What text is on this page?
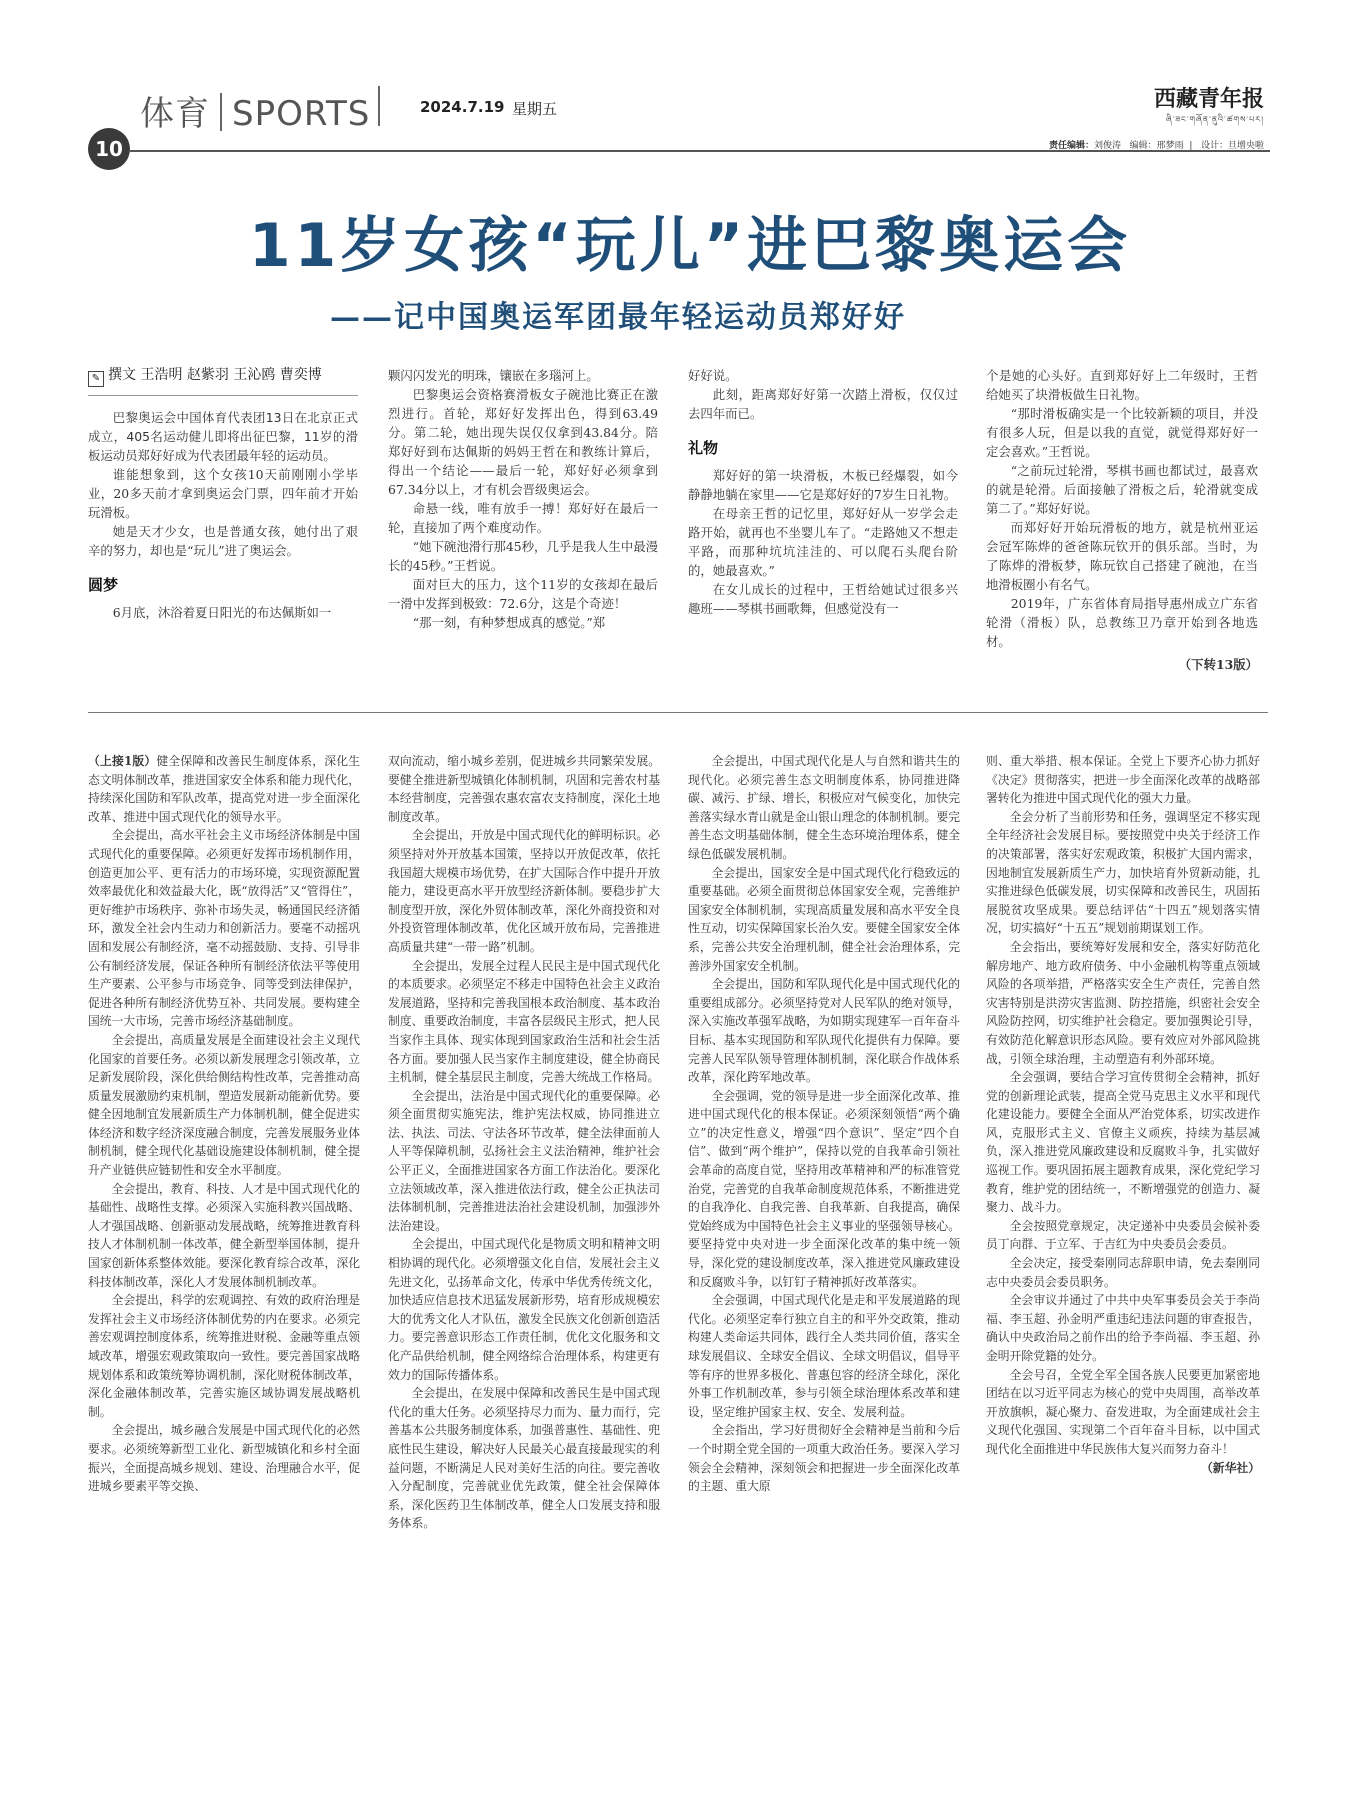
体育 SPORTS	2024.7.19 星期五	西藏青年报
ཞི་ཟང་གཞོན་ནུའི་ཚགས་པར།
10	责任编辑：刘俊涛 编辑：邢梦雨  |   设计：旦增央啦
11岁女孩“玩儿”进巴黎奥运会
——记中国奥运军团最年轻运动员郑好好
✎ 撰文 王浩明 赵紫羽 王沁鸥 曹奕博

巴黎奥运会中国体育代表团13日在北京正式成立，405名运动健儿即将出征巴黎，11岁的滑板运动员郑好好成为代表团最年轻的运动员。

谁能想象到，这个女孩10天前刚刚小学毕业，20多天前才拿到奥运会门票，四年前才开始玩滑板。

她是天才少女，也是普通女孩，她付出了艰辛的努力，却也是“玩儿”进了奥运会。

圆梦

6月底，沐浴着夏日阳光的布达佩斯如一

颗闪闪发光的明珠，镶嵌在多瑙河上。

巴黎奥运会资格赛滑板女子碗池比赛正在激烈进行。首轮，郑好好发挥出色，得到63.49分。第二轮，她出现失误仅仅拿到43.84分。陪郑好好到布达佩斯的妈妈王哲在和教练计算后，得出一个结论——最后一轮，郑好好必须拿到67.34分以上，才有机会晋级奥运会。

命悬一线，唯有放手一搏！郑好好在最后一轮，直接加了两个难度动作。

“她下碗池滑行那45秒，几乎是我人生中最漫长的45秒。”王哲说。

面对巨大的压力，这个11岁的女孩却在最后一滑中发挥到极致：72.6分，这是个奇迹！

“那一刻，有种梦想成真的感觉。”郑

好好说。

此刻，距离郑好好第一次踏上滑板，仅仅过去四年而已。

礼物

郑好好的第一块滑板，木板已经爆裂，如今静静地躺在家里——它是郑好好的7岁生日礼物。

在母亲王哲的记忆里，郑好好从一岁学会走路开始，就再也不坐婴儿车了。“走路她又不想走平路，而那种坑坑洼洼的、可以爬石头爬台阶的，她最喜欢。”

在女儿成长的过程中，王哲给她试过很多兴趣班——琴棋书画歌舞，但感觉没有一

个是她的心头好。直到郑好好上二年级时，王哲给她买了块滑板做生日礼物。

“那时滑板确实是一个比较新颖的项目，并没有很多人玩，但是以我的直觉，就觉得郑好好一定会喜欢。”王哲说。

“之前玩过轮滑，琴棋书画也都试过，最喜欢的就是轮滑。后面接触了滑板之后，轮滑就变成第二了。”郑好好说。

而郑好好开始玩滑板的地方，就是杭州亚运会冠军陈烨的爸爸陈玩钦开的俱乐部。当时，为了陈烨的滑板梦，陈玩钦自己搭建了碗池，在当地滑板圈小有名气。

2019年，广东省体育局指导惠州成立广东省轮滑（滑板）队，总教练卫乃章开始到各地选材。

（下转13版）

（上接1版）健全保障和改善民生制度体系，深化生态文明体制改革，推进国家安全体系和能力现代化，持续深化国防和军队改革，提高党对进一步全面深化改革、推进中国式现代化的领导水平。

全会提出，高水平社会主义市场经济体制是中国式现代化的重要保障。必须更好发挥市场机制作用，创造更加公平、更有活力的市场环境，实现资源配置效率最优化和效益最大化，既“放得活”又“管得住”，更好维护市场秩序、弥补市场失灵，畅通国民经济循环，激发全社会内生动力和创新活力。要毫不动摇巩固和发展公有制经济，毫不动摇鼓励、支持、引导非公有制经济发展，保证各种所有制经济依法平等使用生产要素、公平参与市场竞争、同等受到法律保护，促进各种所有制经济优势互补、共同发展。要构建全国统一大市场，完善市场经济基础制度。

全会提出，高质量发展是全面建设社会主义现代化国家的首要任务。必须以新发展理念引领改革，立足新发展阶段，深化供给侧结构性改革，完善推动高质量发展激励约束机制，塑造发展新动能新优势。要健全因地制宜发展新质生产力体制机制，健全促进实体经济和数字经济深度融合制度，完善发展服务业体制机制，健全现代化基础设施建设体制机制，健全提升产业链供应链韧性和安全水平制度。

全会提出，教育、科技、人才是中国式现代化的基础性、战略性支撑。必须深入实施科教兴国战略、人才强国战略、创新驱动发展战略，统筹推进教育科技人才体制机制一体改革，健全新型举国体制，提升国家创新体系整体效能。要深化教育综合改革，深化科技体制改革，深化人才发展体制机制改革。

全会提出，科学的宏观调控、有效的政府治理是发挥社会主义市场经济体制优势的内在要求。必须完善宏观调控制度体系，统筹推进财税、金融等重点领域改革，增强宏观政策取向一致性。要完善国家战略规划体系和政策统筹协调机制，深化财税体制改革，深化金融体制改革，完善实施区域协调发展战略机制。

全会提出，城乡融合发展是中国式现代化的必然要求。必须统筹新型工业化、新型城镇化和乡村全面振兴，全面提高城乡规划、建设、治理融合水平，促进城乡要素平等交换、

双向流动，缩小城乡差别，促进城乡共同繁荣发展。要健全推进新型城镇化体制机制，巩固和完善农村基本经营制度，完善强农惠农富农支持制度，深化土地制度改革。

全会提出，开放是中国式现代化的鲜明标识。必须坚持对外开放基本国策，坚持以开放促改革，依托我国超大规模市场优势，在扩大国际合作中提升开放能力，建设更高水平开放型经济新体制。要稳步扩大制度型开放，深化外贸体制改革，深化外商投资和对外投资管理体制改革，优化区域开放布局，完善推进高质量共建“一带一路”机制。

全会提出，发展全过程人民民主是中国式现代化的本质要求。必须坚定不移走中国特色社会主义政治发展道路，坚持和完善我国根本政治制度、基本政治制度、重要政治制度，丰富各层级民主形式，把人民当家作主具体、现实体现到国家政治生活和社会生活各方面。要加强人民当家作主制度建设，健全协商民主机制，健全基层民主制度，完善大统战工作格局。

全会提出，法治是中国式现代化的重要保障。必须全面贯彻实施宪法，维护宪法权威，协同推进立法、执法、司法、守法各环节改革，健全法律面前人人平等保障机制，弘扬社会主义法治精神，维护社会公平正义，全面推进国家各方面工作法治化。要深化立法领域改革，深入推进依法行政，健全公正执法司法体制机制，完善推进法治社会建设机制，加强涉外法治建设。

全会提出，中国式现代化是物质文明和精神文明相协调的现代化。必须增强文化自信，发展社会主义先进文化，弘扬革命文化，传承中华优秀传统文化，加快适应信息技术迅猛发展新形势，培育形成规模宏大的优秀文化人才队伍，激发全民族文化创新创造活力。要完善意识形态工作责任制，优化文化服务和文化产品供给机制，健全网络综合治理体系，构建更有效力的国际传播体系。

全会提出，在发展中保障和改善民生是中国式现代化的重大任务。必须坚持尽力而为、量力而行，完善基本公共服务制度体系，加强普惠性、基础性、兜底性民生建设，解决好人民最关心最直接最现实的利益问题，不断满足人民对美好生活的向往。要完善收入分配制度，完善就业优先政策，健全社会保障体系，深化医药卫生体制改革，健全人口发展支持和服务体系。

全会提出，中国式现代化是人与自然和谐共生的现代化。必须完善生态文明制度体系，协同推进降碳、减污、扩绿、增长，积极应对气候变化，加快完善落实绿水青山就是金山银山理念的体制机制。要完善生态文明基础体制，健全生态环境治理体系，健全绿色低碳发展机制。

全会提出，国家安全是中国式现代化行稳致远的重要基础。必须全面贯彻总体国家安全观，完善维护国家安全体制机制，实现高质量发展和高水平安全良性互动，切实保障国家长治久安。要健全国家安全体系，完善公共安全治理机制，健全社会治理体系，完善涉外国家安全机制。

全会提出，国防和军队现代化是中国式现代化的重要组成部分。必须坚持党对人民军队的绝对领导，深入实施改革强军战略，为如期实现建军一百年奋斗目标、基本实现国防和军队现代化提供有力保障。要完善人民军队领导管理体制机制，深化联合作战体系改革，深化跨军地改革。

全会强调，党的领导是进一步全面深化改革、推进中国式现代化的根本保证。必须深刻领悟“两个确立”的决定性意义，增强“四个意识”、坚定“四个自信”、做到“两个维护”，保持以党的自我革命引领社会革命的高度自觉，坚持用改革精神和严的标准管党治党，完善党的自我革命制度规范体系，不断推进党的自我净化、自我完善、自我革新、自我提高，确保党始终成为中国特色社会主义事业的坚强领导核心。要坚持党中央对进一步全面深化改革的集中统一领导，深化党的建设制度改革，深入推进党风廉政建设和反腐败斗争，以钉钉子精神抓好改革落实。

全会强调，中国式现代化是走和平发展道路的现代化。必须坚定奉行独立自主的和平外交政策，推动构建人类命运共同体，践行全人类共同价值，落实全球发展倡议、全球安全倡议、全球文明倡议，倡导平等有序的世界多极化、普惠包容的经济全球化，深化外事工作机制改革，参与引领全球治理体系改革和建设，坚定维护国家主权、安全、发展利益。

全会指出，学习好贯彻好全会精神是当前和今后一个时期全党全国的一项重大政治任务。要深入学习领会全会精神，深刻领会和把握进一步全面深化改革的主题、重大原

则、重大举措、根本保证。全党上下要齐心协力抓好《决定》贯彻落实，把进一步全面深化改革的战略部署转化为推进中国式现代化的强大力量。

全会分析了当前形势和任务，强调坚定不移实现全年经济社会发展目标。要按照党中央关于经济工作的决策部署，落实好宏观政策，积极扩大国内需求，因地制宜发展新质生产力，加快培育外贸新动能，扎实推进绿色低碳发展，切实保障和改善民生，巩固拓展脱贫攻坚成果。要总结评估“十四五”规划落实情况，切实搞好“十五五”规划前期谋划工作。

全会指出，要统筹好发展和安全，落实好防范化解房地产、地方政府债务、中小金融机构等重点领域风险的各项举措，严格落实安全生产责任，完善自然灾害特别是洪涝灾害监测、防控措施，织密社会安全风险防控网，切实维护社会稳定。要加强舆论引导，有效防范化解意识形态风险。要有效应对外部风险挑战，引领全球治理，主动塑造有利外部环境。

全会强调，要结合学习宣传贯彻全会精神，抓好党的创新理论武装，提高全党马克思主义水平和现代化建设能力。要健全全面从严治党体系，切实改进作风，克服形式主义、官僚主义顽疾，持续为基层减负，深入推进党风廉政建设和反腐败斗争，扎实做好巡视工作。要巩固拓展主题教育成果，深化党纪学习教育，维护党的团结统一，不断增强党的创造力、凝聚力、战斗力。

全会按照党章规定，决定递补中央委员会候补委员丁向群、于立军、于吉红为中央委员会委员。

全会决定，接受秦刚同志辞职申请，免去秦刚同志中央委员会委员职务。

全会审议并通过了中共中央军事委员会关于李尚福、李玉超、孙金明严重违纪违法问题的审查报告，确认中央政治局之前作出的给予李尚福、李玉超、孙金明开除党籍的处分。

全会号召，全党全军全国各族人民要更加紧密地团结在以习近平同志为核心的党中央周围，高举改革开放旗帜，凝心聚力、奋发进取，为全面建成社会主义现代化强国、实现第二个百年奋斗目标，以中国式现代化全面推进中华民族伟大复兴而努力奋斗！

（新华社）
